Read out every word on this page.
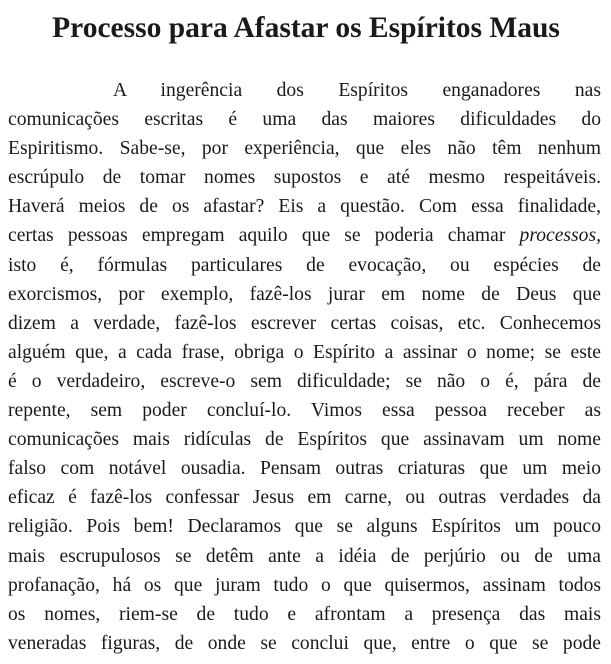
Processo para Afastar os Espíritos Maus
A ingerência dos Espíritos enganadores nas
comunicações escritas é uma das maiores dificuldades do
Espiritismo. Sabe-se, por experiência, que eles não têm nenhum
escrúpulo de tomar nomes supostos e até mesmo respeitáveis.
Haverá meios de os afastar? Eis a questão. Com essa finalidade,
certas pessoas empregam aquilo que se poderia chamar processos,
isto é, fórmulas particulares de evocação, ou espécies de
exorcismos, por exemplo, fazê-los jurar em nome de Deus que
dizem a verdade, fazê-los escrever certas coisas, etc. Conhecemos
alguém que, a cada frase, obriga o Espírito a assinar o nome; se este
é o verdadeiro, escreve-o sem dificuldade; se não o é, pára de
repente, sem poder concluí-lo. Vimos essa pessoa receber as
comunicações mais ridículas de Espíritos que assinavam um nome
falso com notável ousadia. Pensam outras criaturas que um meio
eficaz é fazê-los confessar Jesus em carne, ou outras verdades da
religião. Pois bem! Declaramos que se alguns Espíritos um pouco
mais escrupulosos se detêm ante a idéia de perjúrio ou de uma
profanação, há os que juram tudo o que quisermos, assinam todos
os nomes, riem-se de tudo e afrontam a presença das mais
veneradas figuras, de onde se conclui que, entre o que se pode
